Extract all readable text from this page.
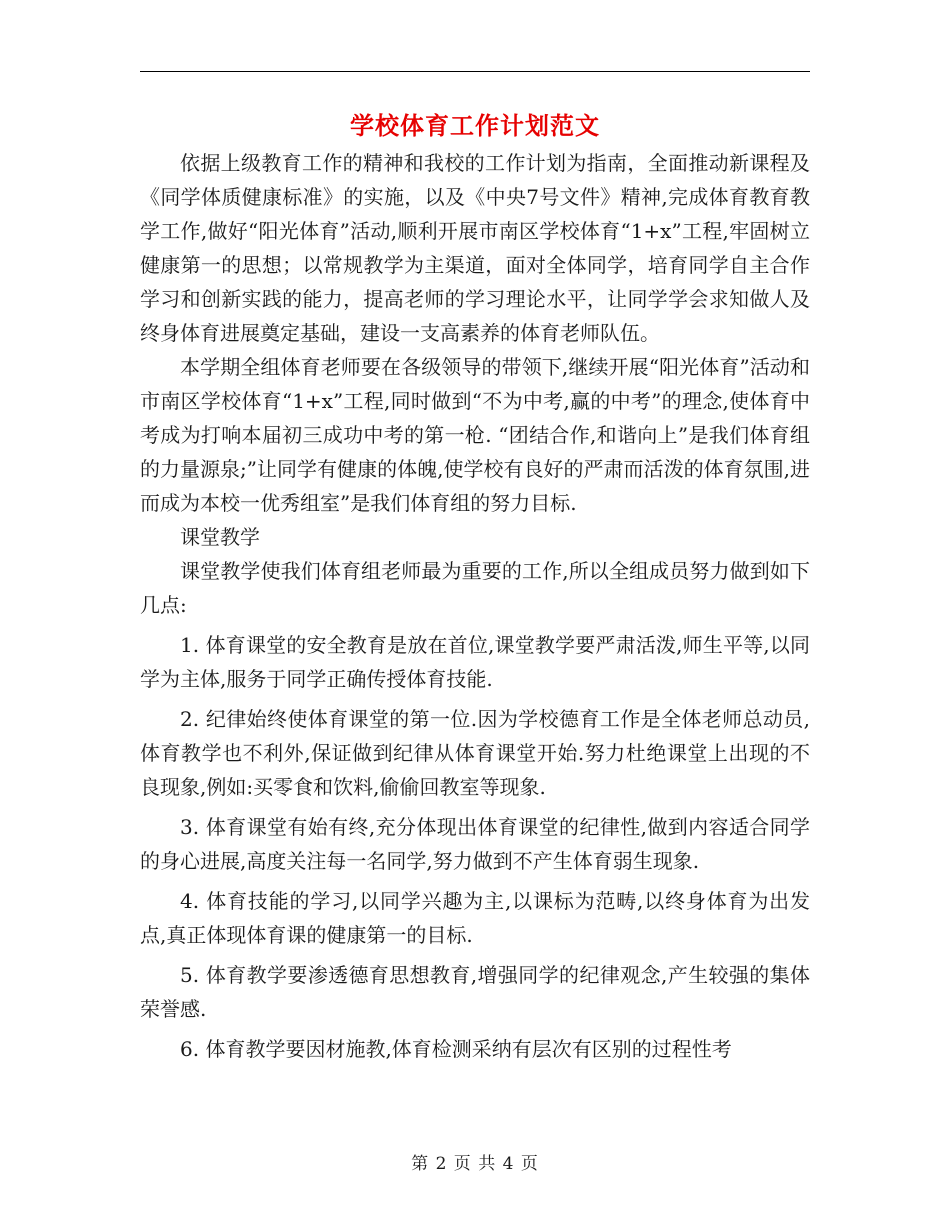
学校体育工作计划范文

依据上级教育工作的精神和我校的工作计划为指南，全面推动新课程及《同学体质健康标准》的实施，以及《中央7号文件》精神,完成体育教育教学工作,做好“阳光体育”活动,顺利开展市南区学校体育“1+x”工程,牢固树立健康第一的思想；以常规教学为主渠道，面对全体同学，培育同学自主合作学习和创新实践的能力，提高老师的学习理论水平，让同学学会求知做人及终身体育进展奠定基础，建设一支高素养的体育老师队伍。

本学期全组体育老师要在各级领导的带领下,继续开展“阳光体育”活动和市南区学校体育“1+x”工程,同时做到“不为中考,赢的中考”的理念,使体育中考成为打响本届初三成功中考的第一枪. “团结合作,和谐向上”是我们体育组的力量源泉;”让同学有健康的体魄,使学校有良好的严肃而活泼的体育氛围,进而成为本校一优秀组室”是我们体育组的努力目标.

课堂教学

课堂教学使我们体育组老师最为重要的工作,所以全组成员努力做到如下几点:

1. 体育课堂的安全教育是放在首位,课堂教学要严肃活泼,师生平等,以同学为主体,服务于同学正确传授体育技能.

2. 纪律始终使体育课堂的第一位.因为学校德育工作是全体老师总动员,体育教学也不利外,保证做到纪律从体育课堂开始.努力杜绝课堂上出现的不良现象,例如:买零食和饮料,偷偷回教室等现象.

3. 体育课堂有始有终,充分体现出体育课堂的纪律性,做到内容适合同学的身心进展,高度关注每一名同学,努力做到不产生体育弱生现象.

4. 体育技能的学习,以同学兴趣为主,以课标为范畴,以终身体育为出发点,真正体现体育课的健康第一的目标.

5. 体育教学要渗透德育思想教育,增强同学的纪律观念,产生较强的集体荣誉感.

6. 体育教学要因材施教,体育检测采纳有层次有区别的过程性考

第 2 页 共 4 页
